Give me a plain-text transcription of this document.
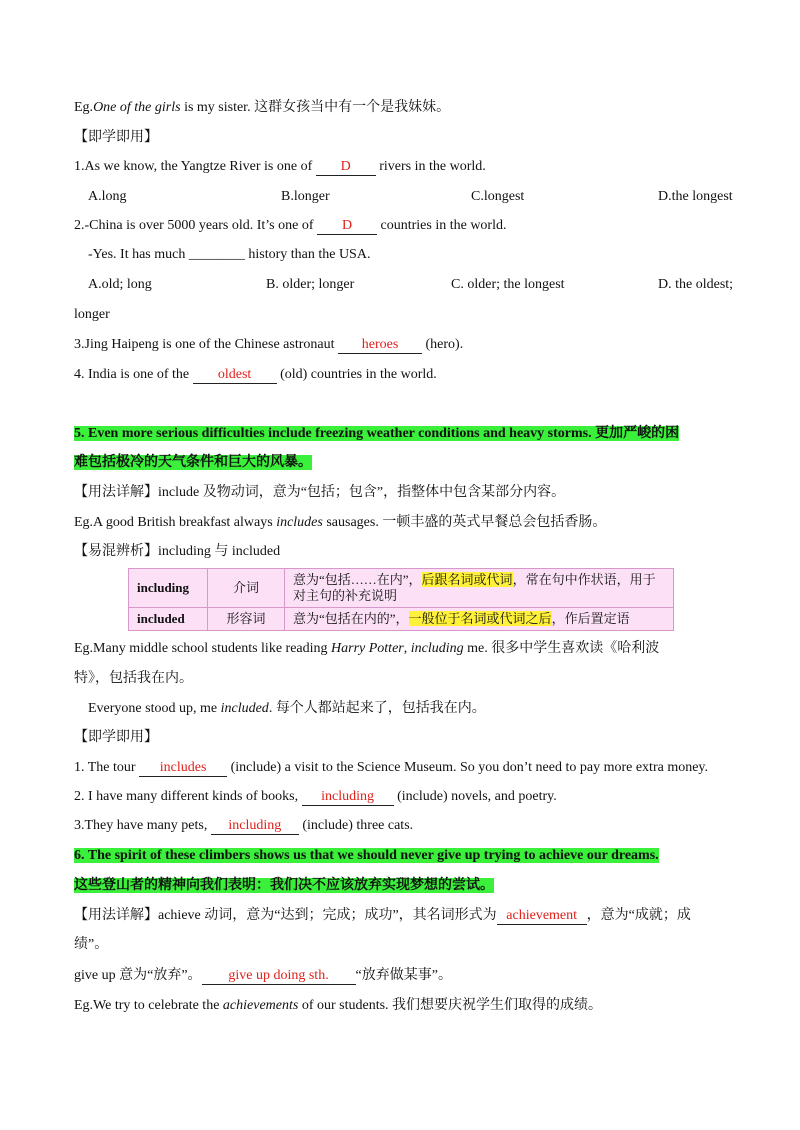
Eg.One of the girls is my sister. 这群女孩当中有一个是我妹妹。
【即学即用】
1.As we know, the Yangtze River is one of D rivers in the world.
A.long	B.longer	C.longest	D.the longest
2.-China is over 5000 years old. It’s one of D countries in the world.
-Yes. It has much ________ history than the USA.
A.old; long	B. older; longer	C. older; the longest	D. the oldest;
longer
3.Jing Haipeng is one of the Chinese astronaut heroes (hero).
4. India is one of the oldest (old) countries in the world.
5. Even more serious difficulties include freezing weather conditions and heavy storms. 更加严峻的困
难包括极冷的天气条件和巨大的风暴。
【用法详解】include 及物动词，意为“包括；包含”，指整体中包含某部分内容。
Eg.A good British breakfast always includes sausages. 一顿丰盛的英式早餐总会包括香肠。
【易混辨析】including 与 included
including	介词	意为“包括……在内”，后跟名词或代词，常在句中作状语，用于对主句的补充说明
included	形容词	意为“包括在内的”，一般位于名词或代词之后，作后置定语
Eg.Many middle school students like reading Harry Potter, including me. 很多中学生喜欢读《哈利波
特》，包括我在内。
Everyone stood up, me included. 每个人都站起来了，包括我在内。
【即学即用】
1. The tour includes (include) a visit to the Science Museum. So you don’t need to pay more extra money.
2. I have many different kinds of books, including (include) novels, and poetry.
3.They have many pets, including (include) three cats.
6. The spirit of these climbers shows us that we should never give up trying to achieve our dreams.
这些登山者的精神向我们表明：我们决不应该放弃实现梦想的尝试。
【用法详解】achieve 动词，意为“达到；完成；成功”，其名词形式为 achievement ，意为“成就；成
绩”。
give up 意为“放弃”。 give up doing sth. “放弃做某事”。
Eg.We try to celebrate the achievements of our students. 我们想要庆祝学生们取得的成绩。
